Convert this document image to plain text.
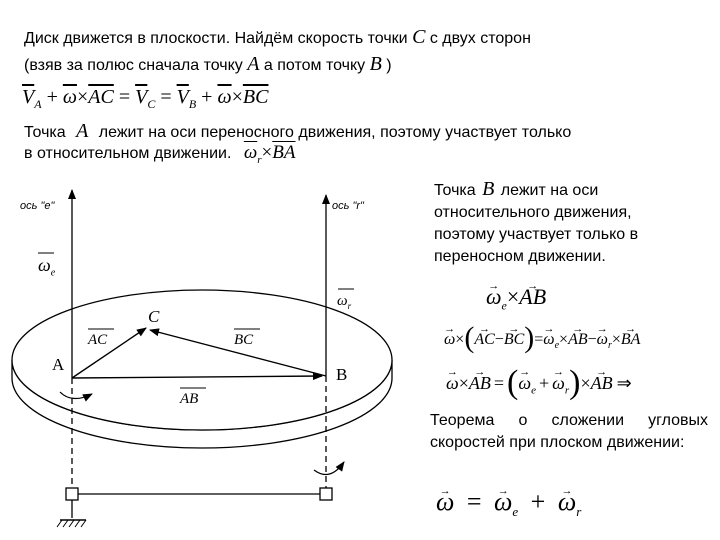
Диск движется в плоскости. Найдём скорость точки C с двух сторон
(взяв за полюс сначала точку A а потом точку B )
$\overline{V}_A + \overline{\omega}\times\overline{AC} = \overline{V}_C = \overline{V}_B + \overline{\omega}\times\overline{BC}$
Точка A лежит на оси переносного движения, поэтому участвует только
в относительном движении. $\overline{\omega}_r\times\overline{BA}$
Точка B лежит на оси
относительного движения,
поэтому участвует только в
переносном движении.
→ $\omega_e\times\to$ AB
→ $\omega\times(\to AC-\to BC)=\to \omega_e\times\to AB-\to \omega_r\times\to$ BA
→ ω×→ AB =(→ $\omega_e$ + → $\omega_r)\times\to$ AB ⇒
Теорема о сложении угловых скоростей при плоском движении:
→ ω = → $\omega_e$ + → $\omega_r$
ось "e"	ось "r"
$\omega_e$
$\omega_r$
A
B
C
AC	BC
AB
